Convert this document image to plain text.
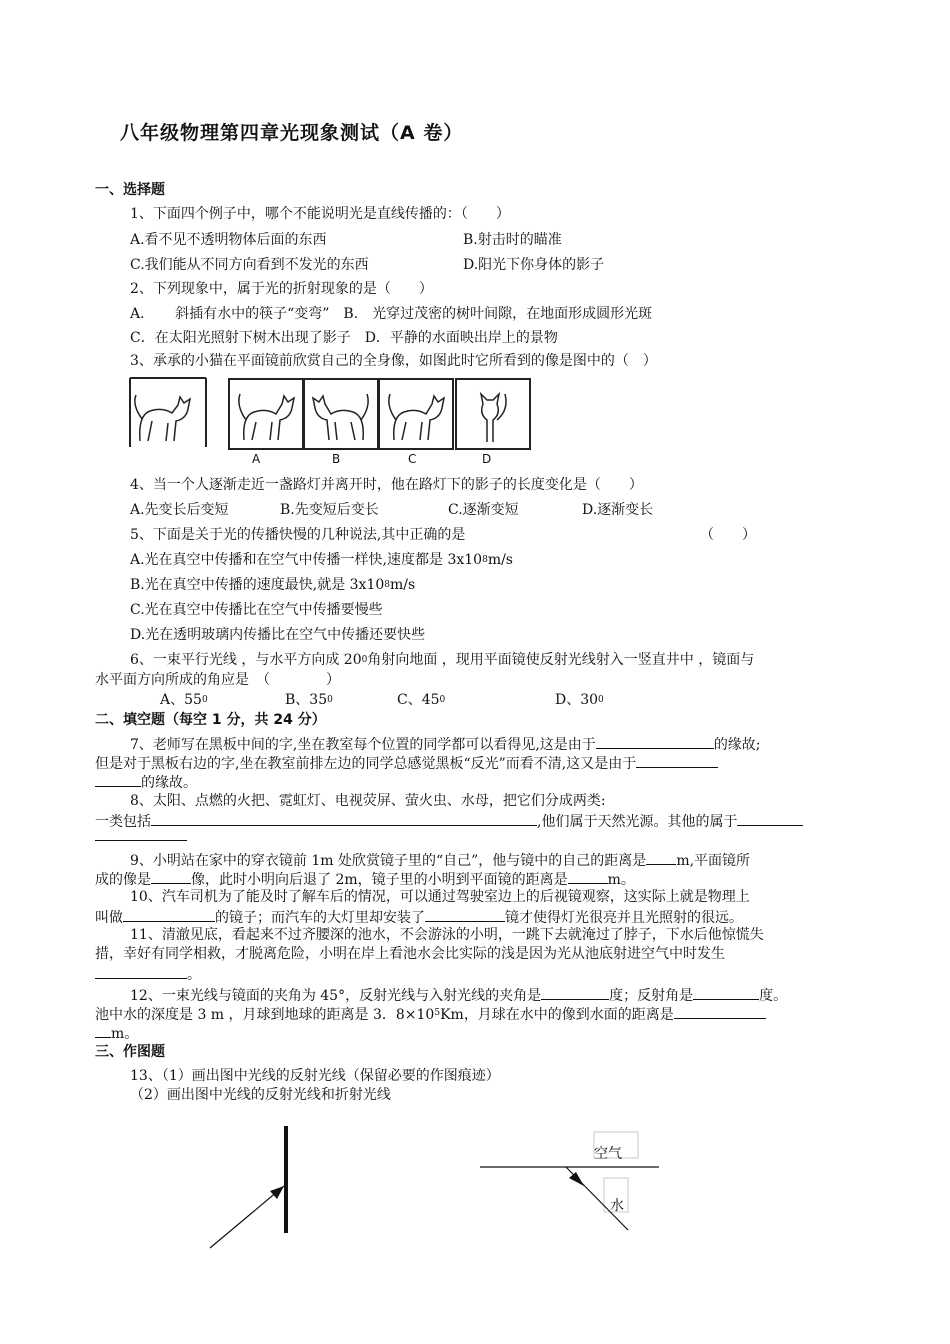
八年级物理第四章光现象测试（A 卷）
一、选择题
1、下面四个例子中，哪个不能说明光是直线传播的：（　　）
A.看不见不透明物体后面的东西	B.射击时的瞄准
C.我们能从不同方向看到不发光的东西	D.阳光下你身体的影子
2、下列现象中，属于光的折射现象的是（　　）
A．　　斜插有水中的筷子“变弯”　B.　光穿过茂密的树叶间隙，在地面形成圆形光斑
C．在太阳光照射下树木出现了影子　D．平静的水面映出岸上的景物
3、承承的小猫在平面镜前欣赏自己的全身像，如图此时它所看到的像是图中的（　）
A	B	C	D
4、当一个人逐渐走近一盏路灯并离开时，他在路灯下的影子的长度变化是（　　）
A.先变长后变短	B.先变短后变长	C.逐渐变短	D.逐渐变长
5、下面是关于光的传播快慢的几种说法,其中正确的是	（　　）
A.光在真空中传播和在空气中传播一样快,速度都是 $3x10^8m/s$
B.光在真空中传播的速度最快,就是 $3x10^8m/s$
C.光在真空中传播比在空气中传播要慢些
D.光在透明玻璃内传播比在空气中传播还要快些
6、一束平行光线 ，与水平方向成 $20^0$角射向地面 ，现用平面镜使反射光线射入一竖直井中 ，镜面与
水平面方向所成的角应是　（　　　　）
A、$55^0$	B、$35^0$	C、$45^0$	D、$30^0$
二、填空题（每空 1 分，共 24 分）
7、老师写在黑板中间的字,坐在教室每个位置的同学都可以看得见,这是由于	的缘故;
但是对于黑板右边的字,坐在教室前排左边的同学总感觉黑板“反光”而看不清,这又是由于
的缘故。
8、太阳、点燃的火把、霓虹灯、电视荧屏、萤火虫、水母，把它们分成两类:
一类包括	,他们属于天然光源。其他的属于
9、小明站在家中的穿衣镜前 1m 处欣赏镜子里的“自己”，他与镜中的自己的距离是 m,平面镜所
成的像是	像，此时小明向后退了 2m，镜子里的小明到平面镜的距离是	m。
10、汽车司机为了能及时了解车后的情况，可以通过驾驶室边上的后视镜观察，这实际上就是物理上
叫做	的镜子；而汽车的大灯里却安装了	镜才使得灯光很亮并且光照射的很远。
11、清澈见底，看起来不过齐腰深的池水，不会游泳的小明，一跳下去就淹过了脖子，下水后他惊慌失
措，幸好有同学相救，才脱离危险，小明在岸上看池水会比实际的浅是因为光从池底射进空气中时发生
。
12、一束光线与镜面的夹角为 45°，反射光线与入射光线的夹角是	度；反射角是	度。
池中水的深度是 3 m ，月球到地球的距离是 3．$8\times 10^5Km$，月球在水中的像到水面的距离是
m。
三、作图题
13、（1）画出图中光线的反射光线（保留必要的作图痕迹）
（2）画出图中光线的反射光线和折射光线
空气
水
